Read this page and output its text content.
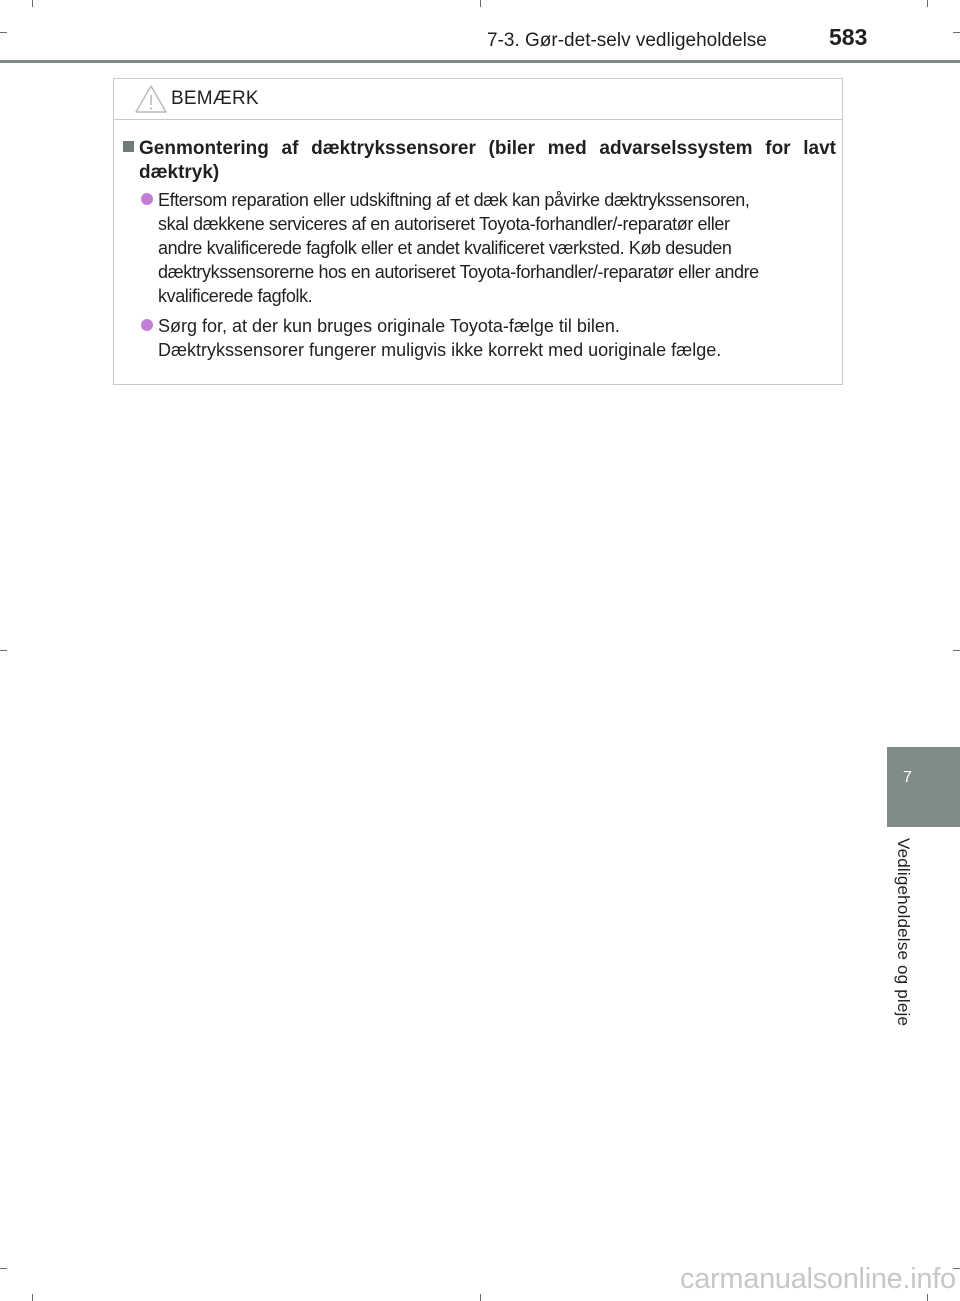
7-3. Gør-det-selv vedligeholdelse	583
BEMÆRK
Genmontering af dæktrykssensorer (biler med advarselssystem for lavt dæktryk)
Eftersom reparation eller udskiftning af et dæk kan påvirke dæktrykssensoren,
skal dækkene serviceres af en autoriseret Toyota-forhandler/-reparatør eller
andre kvalificerede fagfolk eller et andet kvalificeret værksted. Køb desuden
dæktrykssensorerne hos en autoriseret Toyota-forhandler/-reparatør eller andre
kvalificerede fagfolk.
Sørg for, at der kun bruges originale Toyota-fælge til bilen.
Dæktrykssensorer fungerer muligvis ikke korrekt med uoriginale fælge.
7
Vedligeholdelse og pleje
carmanualsonline.info
